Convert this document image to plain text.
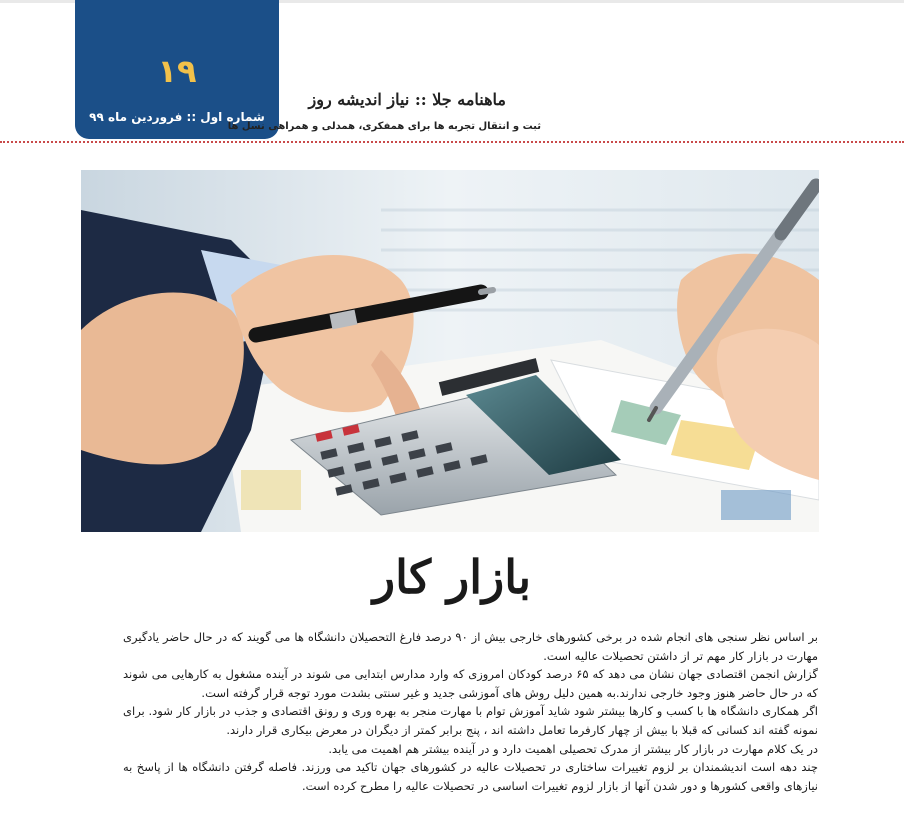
۱۹
شماره اول :: فروردین ماه ۹۹
ماهنامه جلا :: نیاز اندیشه روز
ثبت و انتقال تجربه ها برای همفکری، همدلی و همراهی نسل ها
بازار کار

بر اساس نظر سنجی های انجام شده در برخی کشورهای خارجی بیش از ۹۰ درصد فارغ التحصیلان دانشگاه ها می گویند که در حال حاضر یادگیری مهارت در بازار کار مهم تر از داشتن تحصیلات عالیه است.

گزارش انجمن اقتصادی جهان نشان می دهد که ۶۵ درصد کودکان امروزی که وارد مدارس ابتدایی می شوند در آینده مشغول به کارهایی می شوند که در حال حاضر هنوز وجود خارجی ندارند.به همین دلیل روش های آموزشی جدید و غیر سنتی بشدت مورد توجه قرار گرفته است.

اگر همکاری دانشگاه ها با کسب و کارها بیشتر شود شاید آموزش توام با مهارت منجر به بهره وری و رونق اقتصادی و جذب در بازار کار شود. برای نمونه گفته اند کسانی که قبلا با بیش از چهار کارفرما تعامل داشته اند ، پنج برابر کمتر از دیگران در معرض بیکاری قرار دارند.

در یک کلام مهارت در بازار کار بیشتر از مدرک تحصیلی اهمیت دارد و در آینده بیشتر هم اهمیت می یابد.

چند دهه است اندیشمندان بر لزوم تغییرات ساختاری در تحصیلات عالیه در کشورهای جهان تاکید می ورزند. فاصله گرفتن دانشگاه ها از پاسخ به نیازهای واقعی کشورها و دور شدن آنها از بازار لزوم تغییرات اساسی در تحصیلات عالیه را مطرح کرده است.
